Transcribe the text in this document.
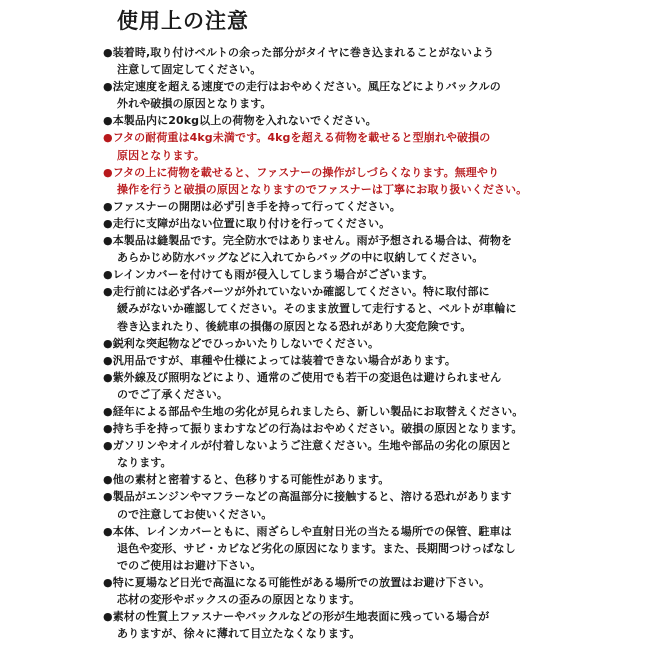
使用上の注意
●装着時,取り付けベルトの余った部分がタイヤに巻き込まれることがないよう
注意して固定してください。
●法定速度を超える速度での走行はおやめください。風圧などによりバックルの
外れや破損の原因となります。
●本製品内に20kg以上の荷物を入れないでください。
●フタの耐荷重は4kg未満です。4kgを超える荷物を載せると型崩れや破損の
原因となります。
●フタの上に荷物を載せると、ファスナーの操作がしづらくなります。無理やり
操作を行うと破損の原因となりますのでファスナーは丁寧にお取り扱いください。
●ファスナーの開閉は必ず引き手を持って行ってください。
●走行に支障が出ない位置に取り付けを行ってください。
●本製品は縫製品です。完全防水ではありません。雨が予想される場合は、荷物を
あらかじめ防水バッグなどに入れてからバッグの中に収納してください。
●レインカバーを付けても雨が侵入してしまう場合がございます。
●走行前には必ず各パーツが外れていないか確認してください。特に取付部に
緩みがないか確認してください。そのまま放置して走行すると、ベルトが車輪に
巻き込まれたり、後続車の損傷の原因となる恐れがあり大変危険です。
●鋭利な突起物などでひっかいたりしないでください。
●汎用品ですが、車種や仕様によっては装着できない場合があります。
●紫外線及び照明などにより、通常のご使用でも若干の変退色は避けられません
のでご了承ください。
●経年による部品や生地の劣化が見られましたら、新しい製品にお取替えください。
●持ち手を持って振りまわすなどの行為はおやめください。破損の原因となります。
●ガソリンやオイルが付着しないようご注意ください。生地や部品の劣化の原因と
なります。
●他の素材と密着すると、色移りする可能性があります。
●製品がエンジンやマフラーなどの高温部分に接触すると、溶ける恐れがあります
ので注意してお使いください。
●本体、レインカバーともに、雨ざらしや直射日光の当たる場所での保管、駐車は
退色や変形、サビ・カビなど劣化の原因になります。また、長期間つけっぱなし
でのご使用はお避け下さい。
●特に夏場など日光で高温になる可能性がある場所での放置はお避け下さい。
芯材の変形やボックスの歪みの原因となります。
●素材の性質上ファスナーやバックルなどの形が生地表面に残っている場合が
ありますが、徐々に薄れて目立たなくなります。
